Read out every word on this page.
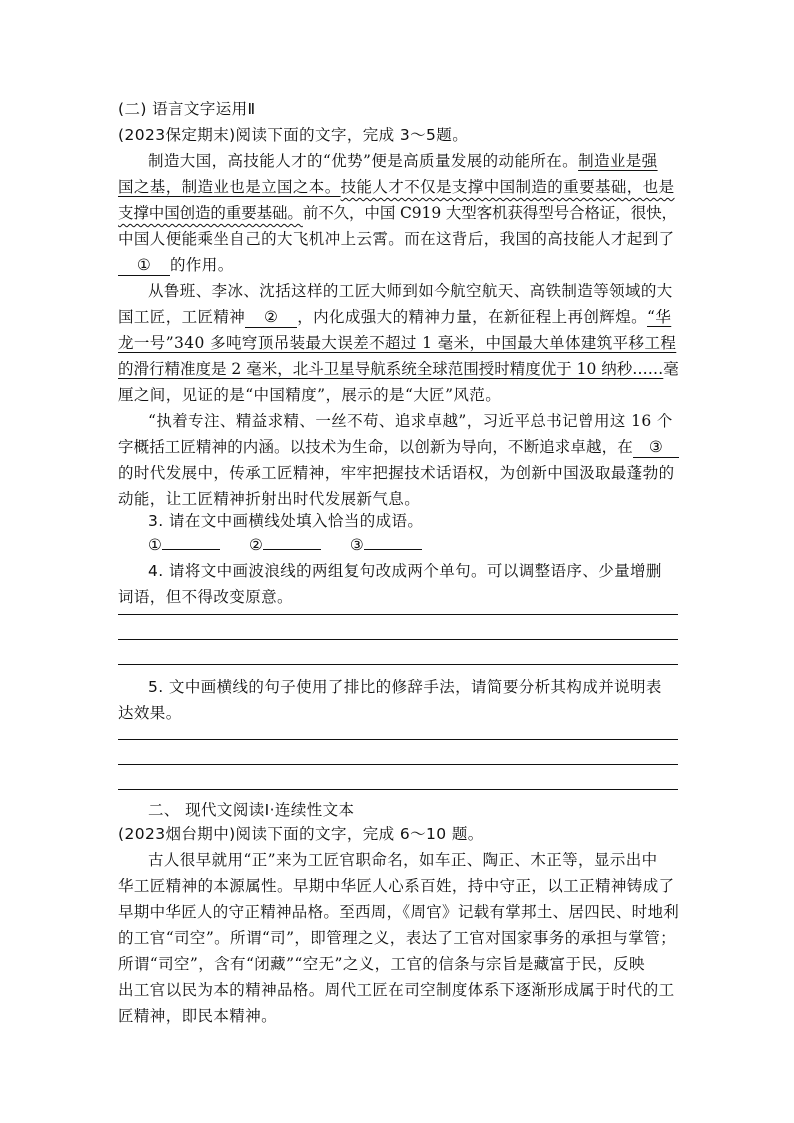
(二) 语言文字运用Ⅱ
(2023保定期末)阅读下面的文字，完成 3～5题。
制造大国，高技能人才的“优势”便是高质量发展的动能所在。制造业是强
国之基，制造业也是立国之本。技能人才不仅是支撑中国制造的重要基础，也是
支撑中国创造的重要基础。前不久，中国 C919 大型客机获得型号合格证，很快，
中国人便能乘坐自己的大飞机冲上云霄。而在这背后，我国的高技能人才起到了
① 的作用。
从鲁班、李冰、沈括这样的工匠大师到如今航空航天、高铁制造等领域的大
国工匠，工匠精神 ② ，内化成强大的精神力量，在新征程上再创辉煌。“华
龙一号”340 多吨穹顶吊装最大误差不超过 1 毫米，中国最大单体建筑平移工程
的滑行精准度是 2 毫米，北斗卫星导航系统全球范围授时精度优于 10 纳秒……毫
厘之间，见证的是“中国精度”，展示的是“大匠”风范。
“执着专注、精益求精、一丝不苟、追求卓越”，习近平总书记曾用这 16 个
字概括工匠精神的内涵。以技术为生命，以创新为导向，不断追求卓越，在 ③
的时代发展中，传承工匠精神，牢牢把握技术话语权，为创新中国汲取最蓬勃的
动能，让工匠精神折射出时代发展新气息。
3. 请在文中画横线处填入恰当的成语。
①	②	③
4. 请将文中画波浪线的两组复句改成两个单句。可以调整语序、少量增删
词语，但不得改变原意。
5. 文中画横线的句子使用了排比的修辞手法，请简要分析其构成并说明表
达效果。
二、 现代文阅读Ⅰ·连续性文本
(2023烟台期中)阅读下面的文字，完成 6～10 题。
古人很早就用“正”来为工匠官职命名，如车正、陶正、木正等，显示出中
华工匠精神的本源属性。早期中华匠人心系百姓，持中守正，以工正精神铸成了
早期中华匠人的守正精神品格。至西周，《周官》记载有掌邦土、居四民、时地利
的工官“司空”。所谓“司”，即管理之义，表达了工官对国家事务的承担与掌管；
所谓“司空”，含有“闭藏”“空无”之义，工官的信条与宗旨是藏富于民，反映
出工官以民为本的精神品格。周代工匠在司空制度体系下逐渐形成属于时代的工
匠精神，即民本精神。
